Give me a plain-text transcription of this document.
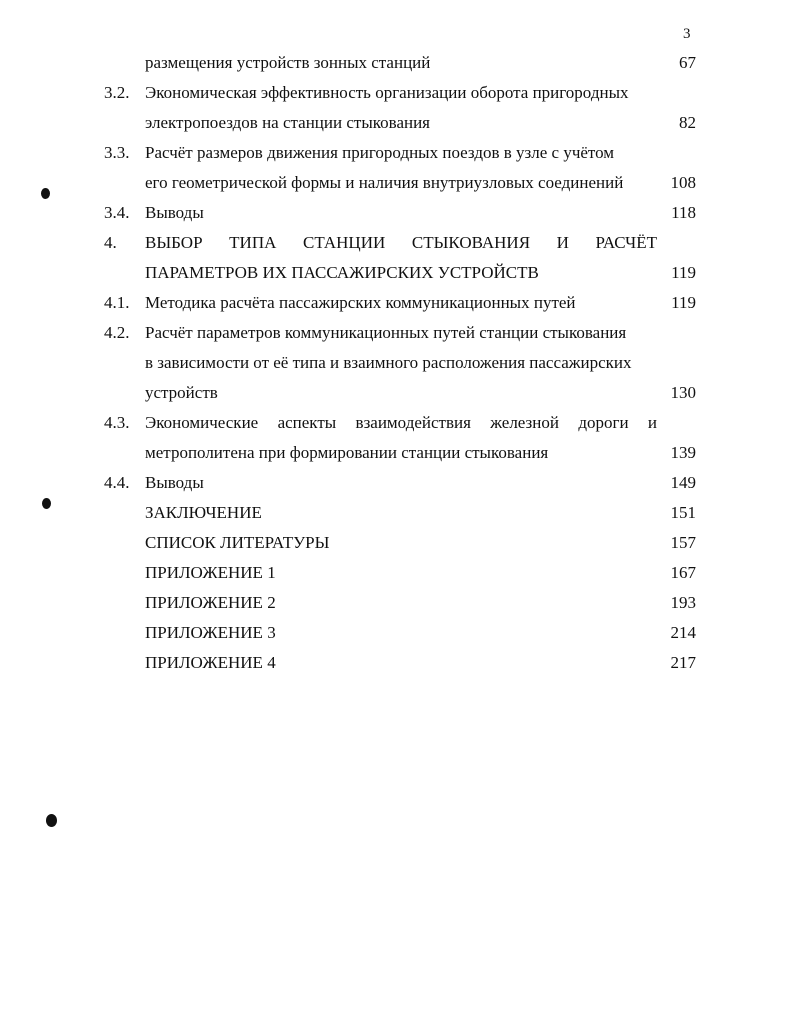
3
размещения устройств зонных станций	67
3.2. Экономическая эффективность организации оборота пригородных
электропоездов на станции стыкования	82
3.3. Расчёт размеров движения пригородных поездов в узле с учётом
его геометрической формы и наличия внутриузловых соединений	108
3.4. Выводы	118
4. ВЫБОР ТИПА СТАНЦИИ СТЫКОВАНИЯ И РАСЧЁТ
ПАРАМЕТРОВ ИХ ПАССАЖИРСКИХ УСТРОЙСТВ	119
4.1. Методика расчёта пассажирских коммуникационных путей	119
4.2. Расчёт параметров коммуникационных путей станции стыкования
в зависимости от её типа и взаимного расположения пассажирских
устройств	130
4.3. Экономические аспекты взаимодействия железной дороги и
метрополитена при формировании станции стыкования	139
4.4. Выводы	149
ЗАКЛЮЧЕНИЕ	151
СПИСОК ЛИТЕРАТУРЫ	157
ПРИЛОЖЕНИЕ 1	167
ПРИЛОЖЕНИЕ 2	193
ПРИЛОЖЕНИЕ 3	214
ПРИЛОЖЕНИЕ 4	217
